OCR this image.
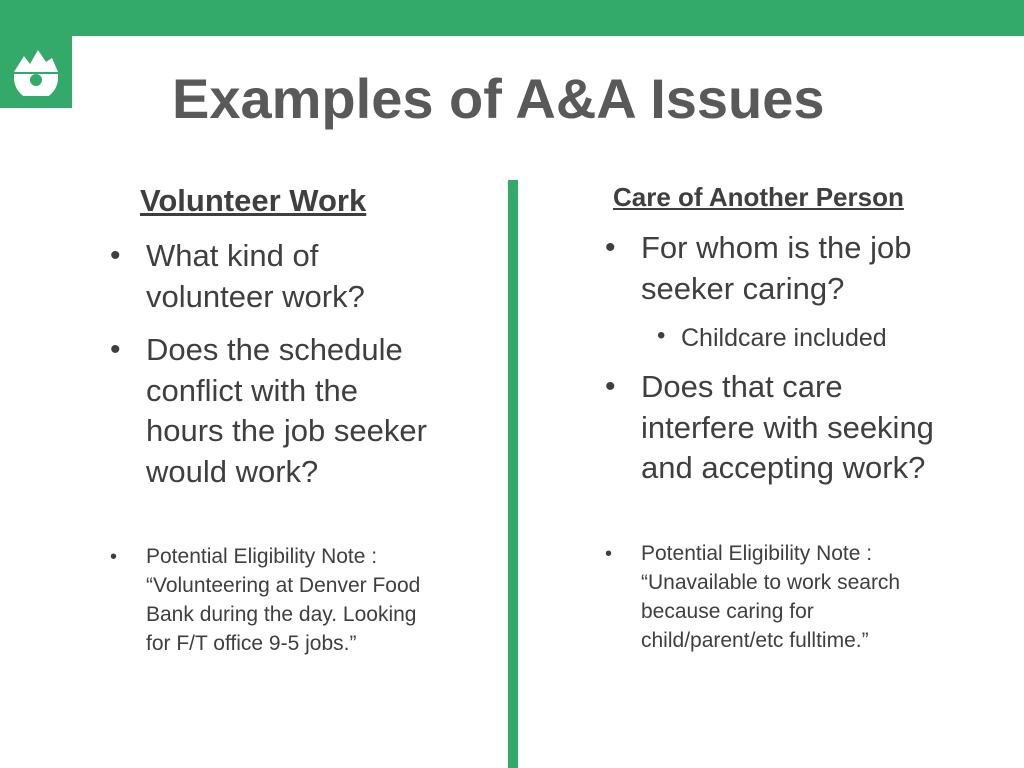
Examples of A&A Issues
Volunteer Work
• What kind of volunteer work?
• Does the schedule conflict with the hours the job seeker would work?
•	Potential Eligibility Note : “Volunteering at Denver Food Bank during the day. Looking for F/T office 9-5 jobs.”
Care of Another Person
• For whom is the job seeker caring?
• Childcare included
• Does that care interfere with seeking and accepting work?
•	Potential Eligibility Note : “Unavailable to work search because caring for child/parent/etc fulltime.”
